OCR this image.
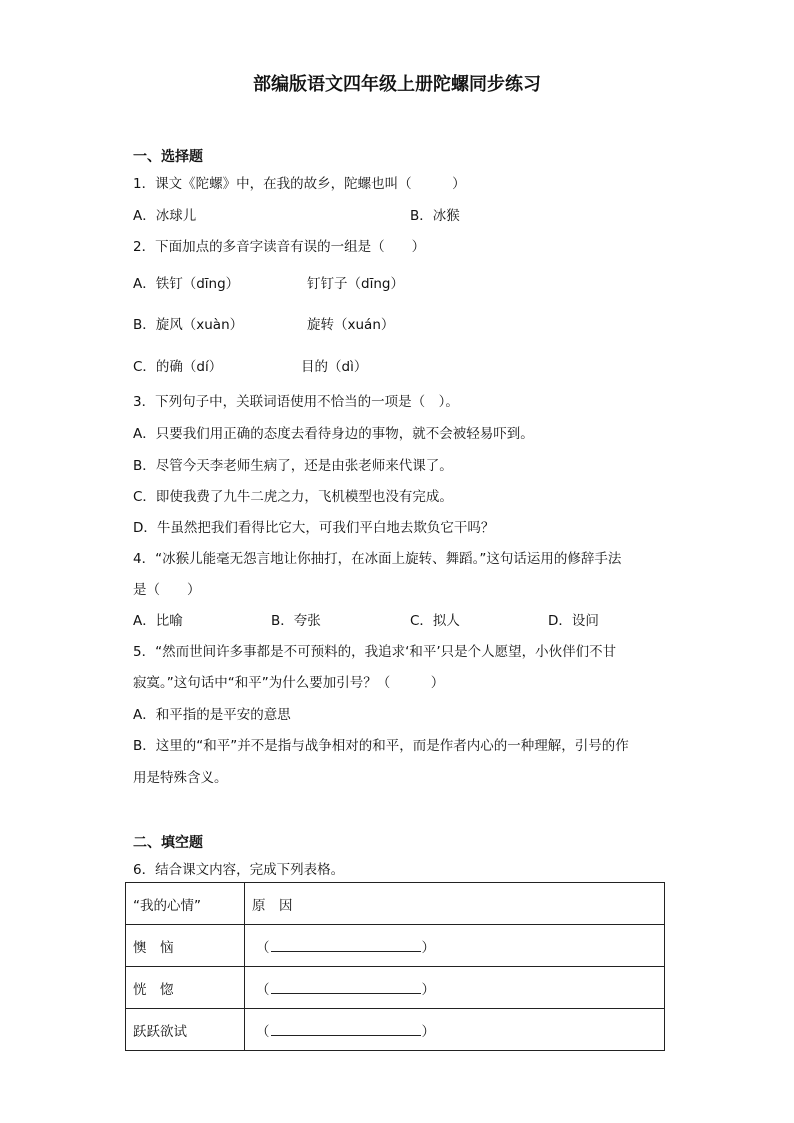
部编版语文四年级上册陀螺同步练习
一、选择题
1．课文《陀螺》中，在我的故乡，陀螺也叫（　　　）
A．冰球儿	B．冰猴
2．下面加点的多音字读音有误的一组是（　　）
A．铁钉（dīng）	钉钉子（dīng）
B．旋风（xuàn）	旋转（xuán）
C．的确（dí）	目的（dì）
3．下列句子中，关联词语使用不恰当的一项是（　）。
A．只要我们用正确的态度去看待身边的事物，就不会被轻易吓到。
B．尽管今天李老师生病了，还是由张老师来代课了。
C．即使我费了九牛二虎之力，飞机模型也没有完成。
D．牛虽然把我们看得比它大，可我们平白地去欺负它干吗？
4．“冰猴儿能毫无怨言地让你抽打，在冰面上旋转、舞蹈。”这句话运用的修辞手法
是（　　）
A．比喻	B．夸张	C．拟人	D．设问
5．“然而世间许多事都是不可预料的，我追求‘和平’只是个人愿望，小伙伴们不甘
寂寞。”这句话中“和平”为什么要加引号？（　　　）
A．和平指的是平安的意思
B．这里的“和平”并不是指与战争相对的和平，而是作者内心的一种理解，引号的作
用是特殊含义。
二、填空题
6．结合课文内容，完成下列表格。
“我的心情”	原　因
懊　恼	（ ）
恍　惚	（ ）
跃跃欲试	（ ）
